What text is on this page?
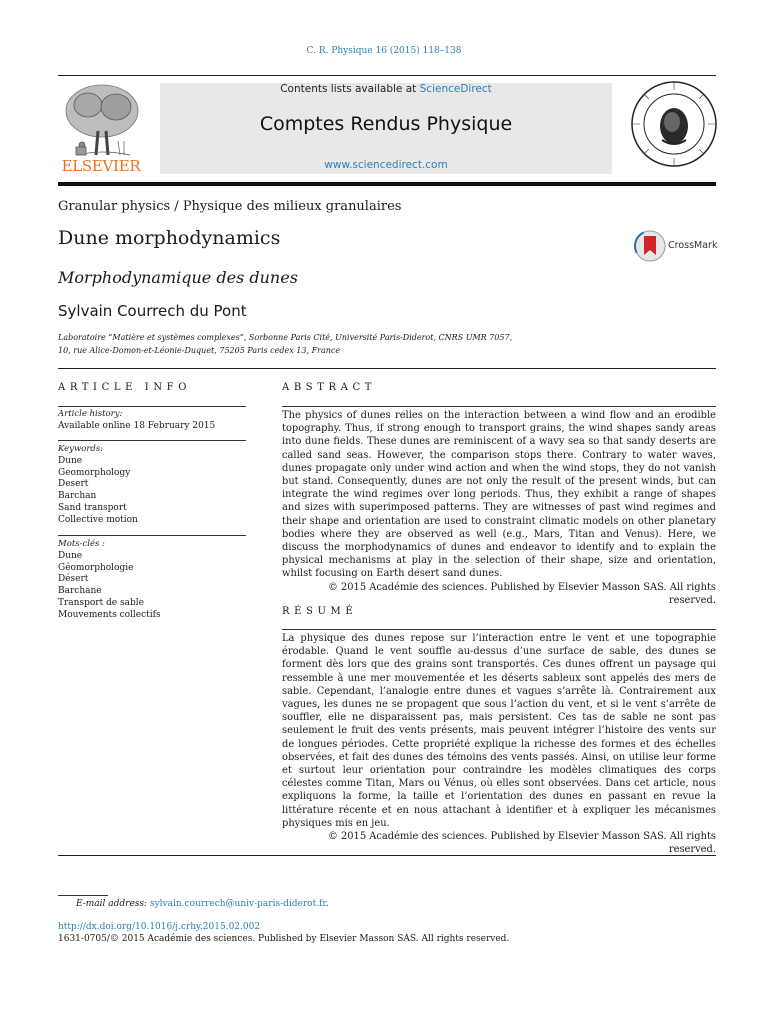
C. R. Physique 16 (2015) 118–138
ELSEVIER
Contents lists available at ScienceDirect
Comptes Rendus Physique
www.sciencedirect.com
Granular physics / Physique des milieux granulaires
Dune morphodynamics	CrossMark
Morphodynamique des dunes
Sylvain Courrech du Pont
Laboratoire “Matière et systèmes complexes”, Sorbonne Paris Cité, Université Paris-Diderot, CNRS UMR 7057,
10, rue Alice-Domon-et-Léonie-Duquet, 75205 Paris cedex 13, France
ARTICLE INFO
Article history:
Available online 18 February 2015
Keywords:
Dune
Geomorphology
Desert
Barchan
Sand transport
Collective motion
Mots-clés :
Dune
Géomorphologie
Désert
Barchane
Transport de sable
Mouvements collectifs
ABSTRACT
The physics of dunes relies on the interaction between a wind flow and an erodible topography. Thus, if strong enough to transport grains, the wind shapes sandy areas into dune fields. These dunes are reminiscent of a wavy sea so that sandy deserts are called sand seas. However, the comparison stops there. Contrary to water waves, dunes propagate only under wind action and when the wind stops, they do not vanish but stand. Consequently, dunes are not only the result of the present winds, but can integrate the wind regimes over long periods. Thus, they exhibit a range of shapes and sizes with superimposed patterns. They are witnesses of past wind regimes and their shape and orientation are used to constraint climatic models on other planetary bodies where they are observed as well (e.g., Mars, Titan and Venus). Here, we discuss the morphodynamics of dunes and endeavor to identify and to explain the physical mechanisms at play in the selection of their shape, size and orientation, whilst focusing on Earth desert sand dunes.
© 2015 Académie des sciences. Published by Elsevier Masson SAS. All rights reserved.
RÉSUMÉ
La physique des dunes repose sur l’interaction entre le vent et une topographie érodable. Quand le vent souffle au-dessus d’une surface de sable, des dunes se forment dès lors que des grains sont transportés. Ces dunes offrent un paysage qui ressemble à une mer mouvementée et les déserts sableux sont appelés des mers de sable. Cependant, l’analogie entre dunes et vagues s’arrête là. Contrairement aux vagues, les dunes ne se propagent que sous l’action du vent, et si le vent s’arrête de souffler, elle ne disparaissent pas, mais persistent. Ces tas de sable ne sont pas seulement le fruit des vents présents, mais peuvent intégrer l’histoire des vents sur de longues périodes. Cette propriété explique la richesse des formes et des échelles observées, et fait des dunes des témoins des vents passés. Ainsi, on utilise leur forme et surtout leur orientation pour contraindre les modèles climatiques des corps célestes comme Titan, Mars ou Vénus, où elles sont observées. Dans cet article, nous expliquons la forme, la taille et l’orientation des dunes en passant en revue la littérature récente et en nous attachant à identifier et à expliquer les mécanismes physiques mis en jeu.
© 2015 Académie des sciences. Published by Elsevier Masson SAS. All rights reserved.
E-mail address: sylvain.courrech@univ-paris-diderot.fr.
http://dx.doi.org/10.1016/j.crhy.2015.02.002
1631-0705/© 2015 Académie des sciences. Published by Elsevier Masson SAS. All rights reserved.
